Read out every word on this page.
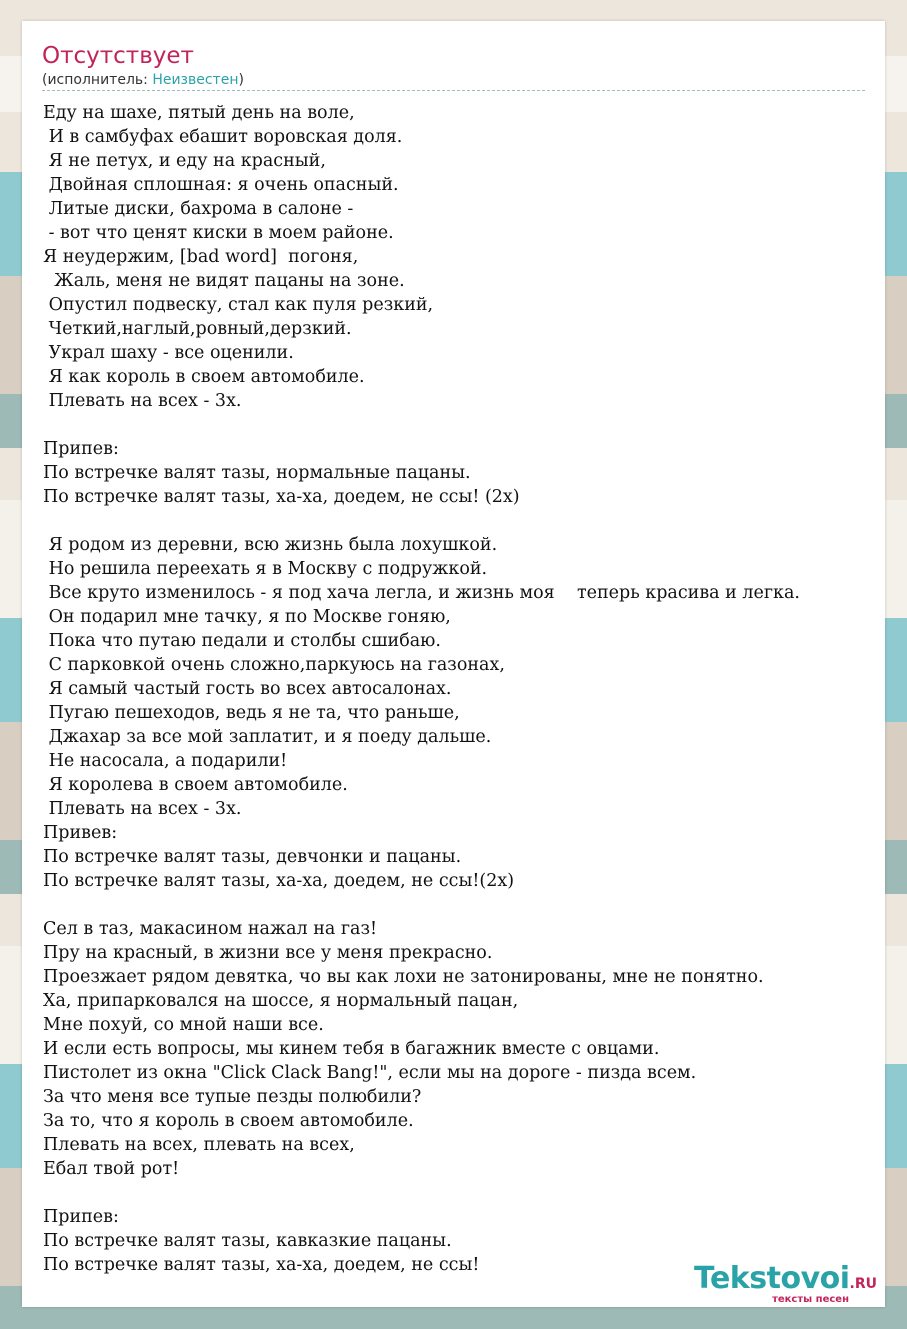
Отсутствует
(исполнитель: Неизвестен)
Еду на шахе, пятый день на воле,
И в самбуфах ебашит воровская доля.
Я не петух, и еду на красный,
Двойная сплошная: я очень опасный.
Литые диски, бахрома в салоне -
- вот что ценят киски в моем районе.
Я неудержим, [bad word]  погоня,
Жаль, меня не видят пацаны на зоне.
Опустил подвеску, стал как пуля резкий,
Четкий,наглый,ровный,дерзкий.
Украл шаху - все оценили.
Я как король в своем автомобиле.
Плевать на всех - 3х.

Припев:
По встречке валят тазы, нормальные пацаны.
По встречке валят тазы, ха-ха, доедем, не ссы! (2х)

Я родом из деревни, всю жизнь была лохушкой.
Но решила переехать я в Москву с подружкой.
Все круто изменилось - я под хача легла, и жизнь моя    теперь красива и легка.
Он подарил мне тачку, я по Москве гоняю,
Пока что путаю педали и столбы сшибаю.
С парковкой очень сложно,паркуюсь на газонах,
Я самый частый гость во всех автосалонах.
Пугаю пешеходов, ведь я не та, что раньше,
Джахар за все мой заплатит, и я поеду дальше.
Не насосала, а подарили!
Я королева в своем автомобиле.
Плевать на всех - 3х.
Привев:
По встречке валят тазы, девчонки и пацаны.
По встречке валят тазы, ха-ха, доедем, не ссы!(2х)

Сел в таз, макасином нажал на газ!
Пру на красный, в жизни все у меня прекрасно.
Проезжает рядом девятка, чо вы как лохи не затонированы, мне не понятно.
Ха, припарковался на шоссе, я нормальный пацан,
Мне похуй, со мной наши все.
И если есть вопросы, мы кинем тебя в багажник вместе с овцами.
Пистолет из окна "Click Clack Bang!", если мы на дороге - пизда всем.
За что меня все тупые пезды полюбили?
За то, что я король в своем автомобиле.
Плевать на всех, плевать на всех,
Ебал твой рот!

Припев:
По встречке валят тазы, кавказкие пацаны.
По встречке валят тазы, ха-ха, доедем, не ссы!	Tekstovoi.RU
тексты песен
